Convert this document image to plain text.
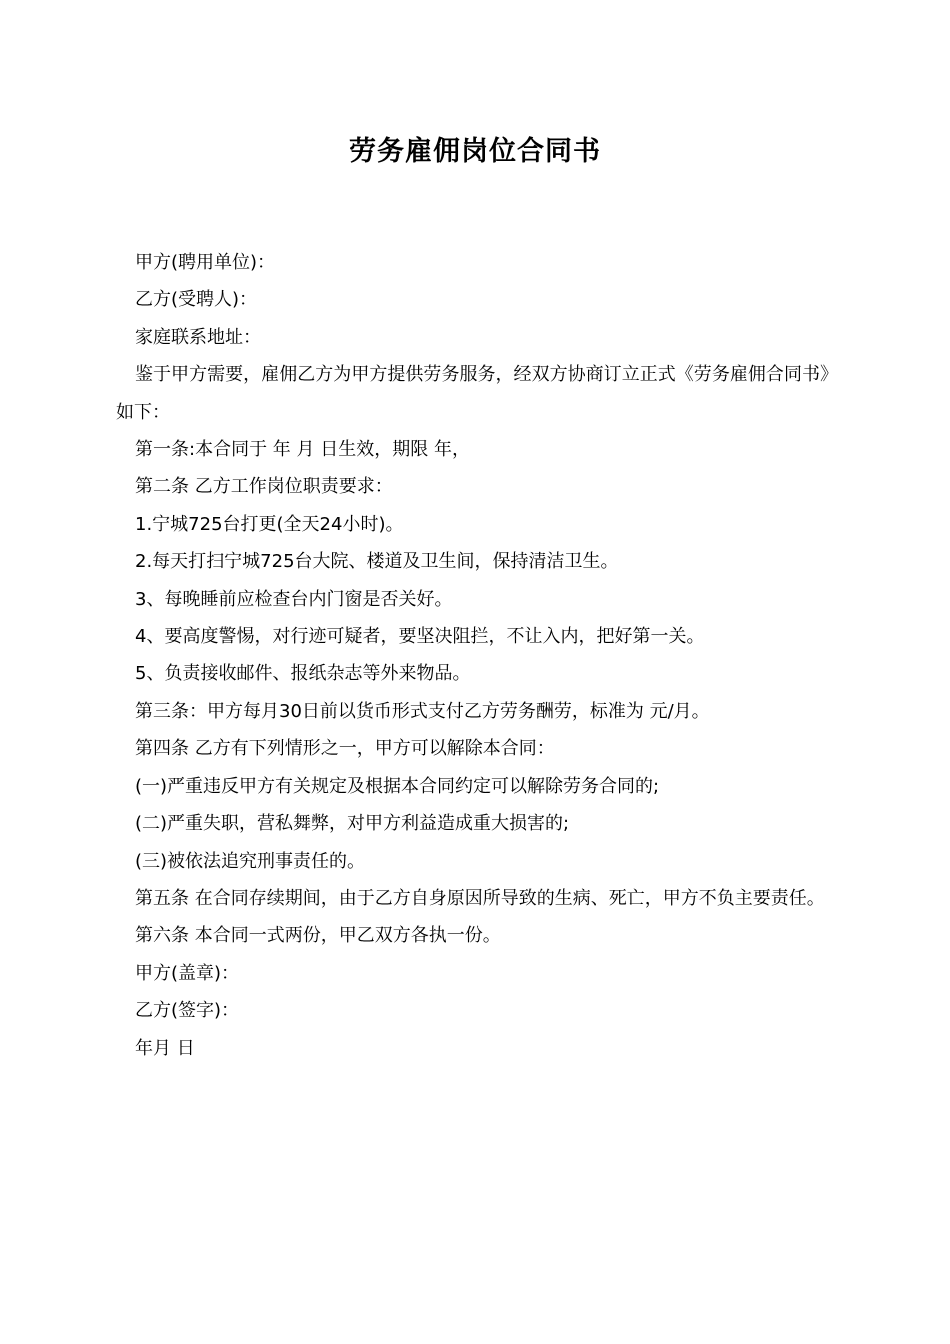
劳务雇佣岗位合同书
甲方(聘用单位)：
乙方(受聘人)：
家庭联系地址：
鉴于甲方需要，雇佣乙方为甲方提供劳务服务，经双方协商订立正式《劳务雇佣合同书》如下：
第一条:本合同于 年 月 日生效，期限 年，
第二条 乙方工作岗位职责要求：
1.宁城725台打更(全天24小时)。
2.每天打扫宁城725台大院、楼道及卫生间，保持清洁卫生。
3、每晚睡前应检查台内门窗是否关好。
4、要高度警惕，对行迹可疑者，要坚决阻拦，不让入内，把好第一关。
5、负责接收邮件、报纸杂志等外来物品。
第三条：甲方每月30日前以货币形式支付乙方劳务酬劳，标准为 元/月。
第四条 乙方有下列情形之一，甲方可以解除本合同：
(一)严重违反甲方有关规定及根据本合同约定可以解除劳务合同的;
(二)严重失职，营私舞弊，对甲方利益造成重大损害的;
(三)被依法追究刑事责任的。
第五条 在合同存续期间，由于乙方自身原因所导致的生病、死亡，甲方不负主要责任。
第六条 本合同一式两份，甲乙双方各执一份。
甲方(盖章)：
乙方(签字)：
年月 日
